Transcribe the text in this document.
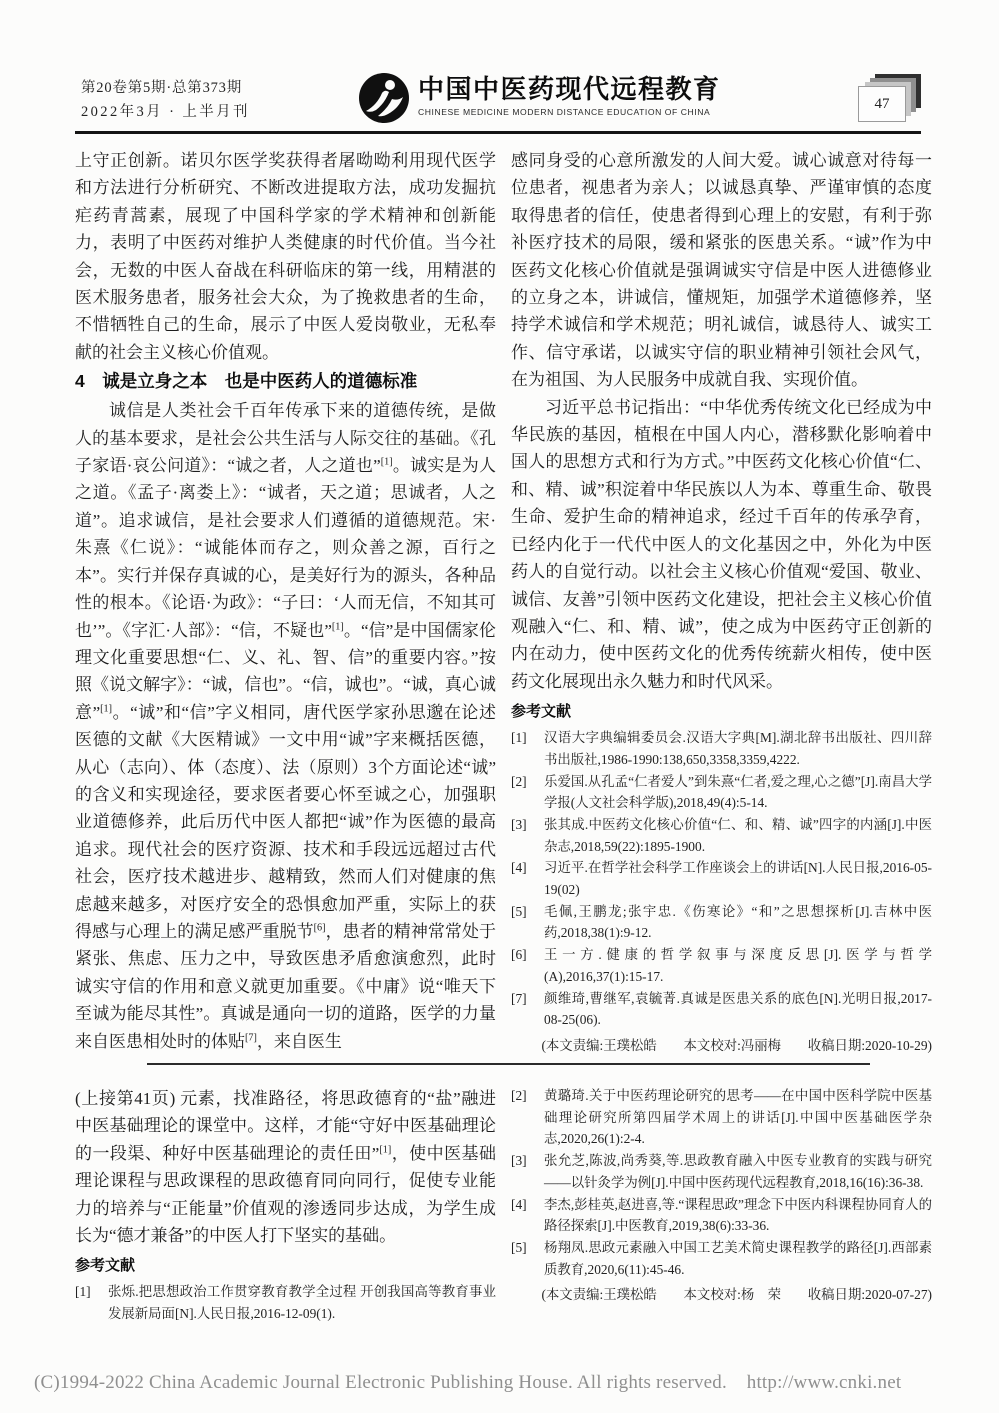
第20卷第5期·总第373期
2022年3月 · 上半月刊
中国中医药现代远程教育
CHINESE MEDICINE MODERN DISTANCE EDUCATION OF CHINA
47

上守正创新。诺贝尔医学奖获得者屠呦呦利用现代医学和方法进行分析研究、不断改进提取方法，成功发掘抗疟药青蒿素，展现了中国科学家的学术精神和创新能力，表明了中医药对维护人类健康的时代价值。当今社会，无数的中医人奋战在科研临床的第一线，用精湛的医术服务患者，服务社会大众，为了挽救患者的生命，不惜牺牲自己的生命，展示了中医人爱岗敬业，无私奉献的社会主义核心价值观。

4　诚是立身之本　也是中医药人的道德标准

诚信是人类社会千百年传承下来的道德传统，是做人的基本要求，是社会公共生活与人际交往的基础。《孔子家语·哀公问道》：“诚之者，人之道也”[1]。诚实是为人之道。《孟子·离娄上》：“诚者，天之道；思诚者，人之道”。追求诚信，是社会要求人们遵循的道德规范。宋·朱熹《仁说》：“诚能体而存之，则众善之源，百行之本”。实行并保存真诚的心，是美好行为的源头，各种品性的根本。《论语·为政》：“子曰：‘人而无信，不知其可也’”。《字汇·人部》：“信，不疑也”[1]。“信”是中国儒家伦理文化重要思想“仁、义、礼、智、信”的重要内容。”按照《说文解字》：“诚，信也”。“信，诚也”。“诚，真心诚意”[1]。“诚”和“信”字义相同，唐代医学家孙思邈在论述医德的文献《大医精诚》一文中用“诚”字来概括医德，从心（志向）、体（态度）、法（原则）3个方面论述“诚”的含义和实现途径，要求医者要心怀至诚之心，加强职业道德修养，此后历代中医人都把“诚”作为医德的最高追求。现代社会的医疗资源、技术和手段远远超过古代社会，医疗技术越进步、越精致，然而人们对健康的焦虑越来越多，对医疗安全的恐惧愈加严重，实际上的获得感与心理上的满足感严重脱节[6]，患者的精神常常处于紧张、焦虑、压力之中，导致医患矛盾愈演愈烈，此时诚实守信的作用和意义就更加重要。《中庸》说“唯天下至诚为能尽其性”。真诚是通向一切的道路，医学的力量来自医患相处时的体贴[7]，来自医生

感同身受的心意所激发的人间大爱。诚心诚意对待每一位患者，视患者为亲人；以诚恳真挚、严谨审慎的态度取得患者的信任，使患者得到心理上的安慰，有利于弥补医疗技术的局限，缓和紧张的医患关系。“诚”作为中医药文化核心价值就是强调诚实守信是中医人进德修业的立身之本，讲诚信，懂规矩，加强学术道德修养，坚持学术诚信和学术规范；明礼诚信，诚恳待人、诚实工作、信守承诺，以诚实守信的职业精神引领社会风气，在为祖国、为人民服务中成就自我、实现价值。

习近平总书记指出：“中华优秀传统文化已经成为中华民族的基因，植根在中国人内心，潜移默化影响着中国人的思想方式和行为方式。”中医药文化核心价值“仁、和、精、诚”积淀着中华民族以人为本、尊重生命、敬畏生命、爱护生命的精神追求，经过千百年的传承孕育，已经内化于一代代中医人的文化基因之中，外化为中医药人的自觉行动。以社会主义核心价值观“爱国、敬业、诚信、友善”引领中医药文化建设，把社会主义核心价值观融入“仁、和、精、诚”，使之成为中医药守正创新的内在动力，使中医药文化的优秀传统薪火相传，使中医药文化展现出永久魅力和时代风采。

参考文献
[1] 汉语大字典编辑委员会.汉语大字典[M].湖北辞书出版社、四川辞书出版社,1986-1990:138,650,3358,3359,4222.
[2] 乐爱国.从孔孟“仁者爱人”到朱熹“仁者,爱之理,心之德”[J].南昌大学学报(人文社会科学版),2018,49(4):5-14.
[3] 张其成.中医药文化核心价值“仁、和、精、诚”四字的内涵[J].中医杂志,2018,59(22):1895-1900.
[4] 习近平.在哲学社会科学工作座谈会上的讲话[N].人民日报,2016-05-19(02)
[5] 毛佩,王鹏龙;张宇忠.《伤寒论》“和”之思想探析[J].吉林中医药,2018,38(1):9-12.
[6] 王一方.健康的哲学叙事与深度反思[J].医学与哲学(A),2016,37(1):15-17.
[7] 颜维琦,曹继军,袁毓菁.真诚是医患关系的底色[N].光明日报,2017-08-25(06).
(本文责编:王璞松皓　　本文校对:冯丽梅　　收稿日期:2020-10-29)

(上接第41页) 元素，找准路径，将思政德育的“盐”融进中医基础理论的课堂中。这样，才能“守好中医基础理论的一段渠、种好中医基础理论的责任田”[1]，使中医基础理论课程与思政课程的思政德育同向同行，促使专业能力的培养与“正能量”价值观的渗透同步达成，为学生成长为“德才兼备”的中医人打下坚实的基础。

参考文献
[1] 张烁.把思想政治工作贯穿教育教学全过程 开创我国高等教育事业发展新局面[N].人民日报,2016-12-09(1).
[2] 黄璐琦.关于中医药理论研究的思考——在中国中医科学院中医基础理论研究所第四届学术周上的讲话[J].中国中医基础医学杂志,2020,26(1):2-4.
[3] 张允芝,陈波,尚秀葵,等.思政教育融入中医专业教育的实践与研究——以针灸学为例[J].中国中医药现代远程教育,2018,16(16):36-38.
[4] 李杰,彭桂英,赵进喜,等.“课程思政”理念下中医内科课程协同育人的路径探索[J].中医教育,2019,38(6):33-36.
[5] 杨翔凤.思政元素融入中国工艺美术简史课程教学的路径[J].西部素质教育,2020,6(11):45-46.
(本文责编:王璞松皓　　本文校对:杨　荣　　收稿日期:2020-07-27)
(C)1994-2022 China Academic Journal Electronic Publishing House. All rights reserved.    http://www.cnki.net
